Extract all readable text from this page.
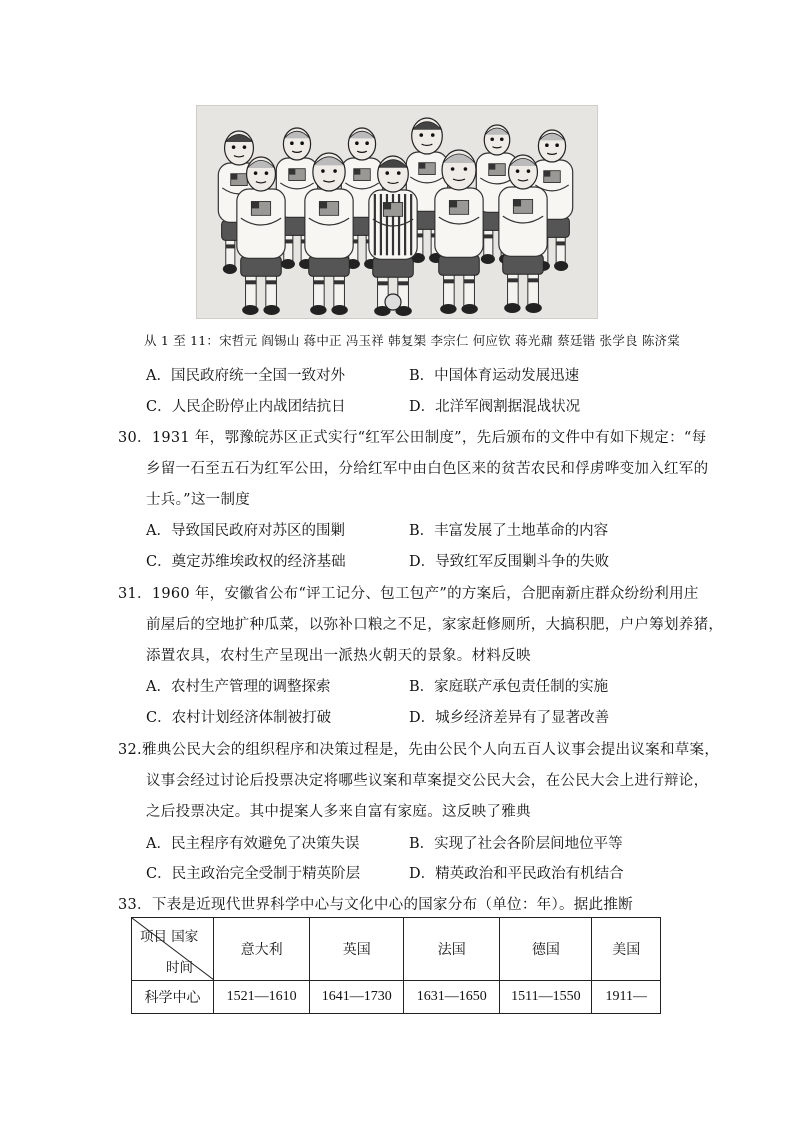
从 1 至 11：宋哲元 阎锡山 蒋中正 冯玉祥 韩复榘 李宗仁 何应钦 蒋光鼐 蔡廷锴 张学良 陈济棠
A．国民政府统一全国一致对外	B．中国体育运动发展迅速
C．人民企盼停止内战团结抗日	D．北洋军阀割据混战状况
30．1931 年，鄂豫皖苏区正式实行“红军公田制度”，先后颁布的文件中有如下规定：“每
乡留一石至五石为红军公田，分给红军中由白色区来的贫苦农民和俘虏哗变加入红军的
士兵。”这一制度
A．导致国民政府对苏区的围剿	B．丰富发展了土地革命的内容
C．奠定苏维埃政权的经济基础	D．导致红军反围剿斗争的失败
31．1960 年，安徽省公布“评工记分、包工包产”的方案后，合肥南新庄群众纷纷利用庄
前屋后的空地扩种瓜菜，以弥补口粮之不足，家家赶修厕所，大搞积肥，户户筹划养猪，
添置农具，农村生产呈现出一派热火朝天的景象。材料反映
A．农村生产管理的调整探索	B．家庭联产承包责任制的实施
C．农村计划经济体制被打破	D．城乡经济差异有了显著改善
32.雅典公民大会的组织程序和决策过程是，先由公民个人向五百人议事会提出议案和草案，
议事会经过讨论后投票决定将哪些议案和草案提交公民大会，在公民大会上进行辩论，
之后投票决定。其中提案人多来自富有家庭。这反映了雅典
A．民主程序有效避免了决策失误	B．实现了社会各阶层间地位平等
C．民主政治完全受制于精英阶层	D．精英政治和平民政治有机结合
33．下表是近现代世界科学中心与文化中心的国家分布（单位：年）。据此推断
项目 国家
时间	意大利	英国	法国	德国	美国
科学中心	1521—1610	1641—1730	1631—1650	1511—1550	1911—
